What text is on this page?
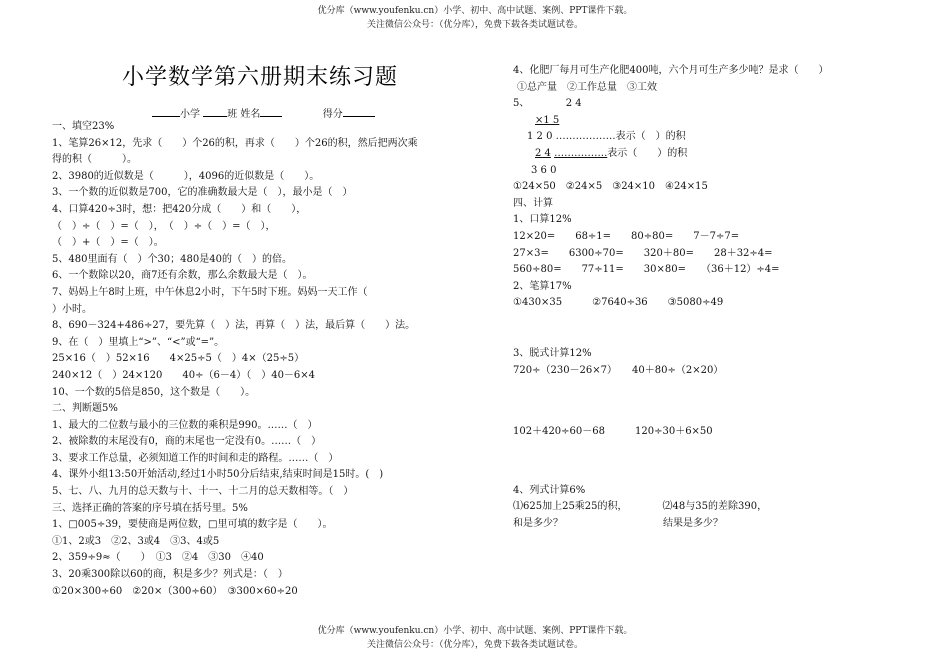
优分库（www.youfenku.cn）小学、初中、高中试题、案例、PPT课件下载。
关注微信公众号：（优分库），免费下载各类试题试卷。
小学数学第六册期末练习题
小学	班 姓名	得分
一、填空23%
1、笔算26×12，先求（　　）个26的积，再求（　　）个26的积，然后把两次乘
得的积（　　　）。
2、3980的近似数是（　　　），4096的近似数是（　　）。
3、一个数的近似数是700，它的准确数最大是（　），最小是（　）
4、口算420÷3时，想：把420分成（　　）和（　　），
（　）÷（　）=（　），　（　）÷（　）=（　），
（　）+（　）=（　）。
5、480里面有（　）个30；480是40的（　）的倍。
6、一个数除以20，商7还有余数，那么余数最大是（　）。
7、妈妈上午8时上班，中午休息2小时，下午5时下班。妈妈一天工作（
）小时。
8、690－324+486÷27，要先算（　）法，再算（　）法，最后算（　　）法。
9、在（　）里填上“>”、“<”或“=”。
25×16（　）52×16　　4×25÷5（　）4×（25÷5）
240×12（　）24×120　　40÷（6－4）（　）40－6×4
10、一个数的5倍是850，这个数是（　　）。
二、判断题5%
1、最大的二位数与最小的三位数的乘积是990。……（　）
2、被除数的末尾没有0，商的末尾也一定没有0。……（　）
3、要求工作总量，必须知道工作的时间和走的路程。……（　）
4、课外小组13:50开始活动,经过1小时50分后结束,结束时间是15时。(　)
5、七、八、九月的总天数与十、十一、十二月的总天数相等。（　）
三、选择正确的答案的序号填在括号里。5%
1、□005÷39，要使商是两位数，□里可填的数字是（　　）。
①1、2或3　②2、3或4　③3、4或5
2、359÷9≈（　　）　①3　②4　③30　④40
3、20乘300除以60的商，积是多少？列式是：（　）
①20×300÷60　②20×（300÷60）　③300×60÷20
4、化肥厂每月可生产化肥400吨，六个月可生产多少吨？是求（　　）
①总产量　②工作总量　③工效
5、	2 4
×1 5
1 2 0 ………………表示（　）的积
2 4 …………….表示（　　）的积
3 6 0
①24×50　②24×5　③24×10　④24×15
四、计算
1、口算12%
12×20=　　68÷1=　　80÷80=　　7－7÷7=
27×3=　　6300÷70=　　320＋80=　　28＋32÷4=
560÷80=　　77÷11=　　30×80=　　（36＋12）÷4=
2、笔算17%
①430×35　　　②7640÷36　　③5080÷49
3、脱式计算12%
720÷（230－26×7）　　40＋80÷（2×20）
102＋420÷60－68　　　120÷30＋6×50
4、列式计算6%
⑴625加上25乘25的积，　　　　⑵48与35的差除390，
和是多少？　　　　　　　　　　结果是多少？
优分库（www.youfenku.cn）小学、初中、高中试题、案例、PPT课件下载。
关注微信公众号：（优分库），免费下载各类试题试卷。
